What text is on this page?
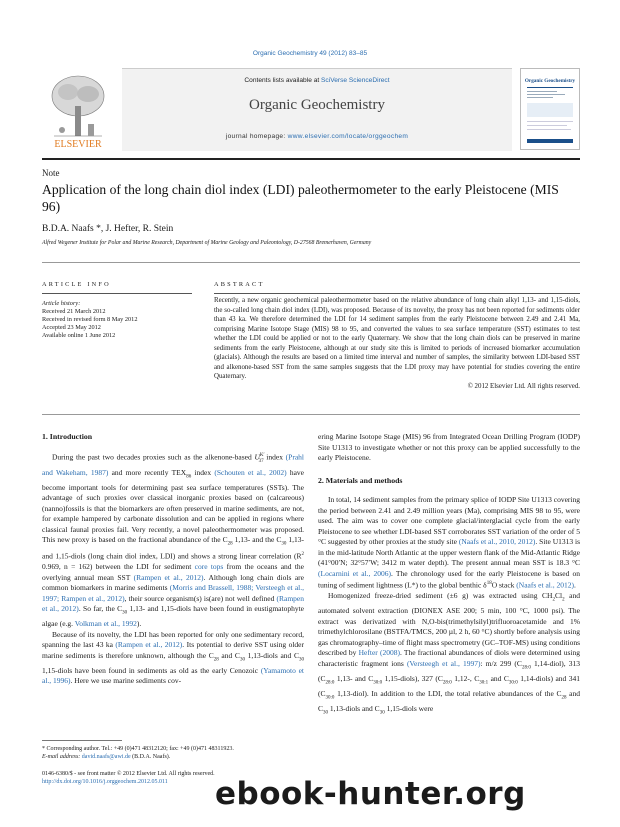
Organic Geochemistry 49 (2012) 83–85
ELSEVIER
Contents lists available at SciVerse ScienceDirect
Organic Geochemistry
journal homepage: www.elsevier.com/locate/orggeochem
Organic Geochemistry
Note
Application of the long chain diol index (LDI) paleothermometer to the early Pleistocene (MIS 96)
B.D.A. Naafs *, J. Hefter, R. Stein
Alfred Wegener Institute for Polar and Marine Research, Department of Marine Geology and Paleontology, D-27568 Bremerhaven, Germany
ARTICLE INFO
Article history:
Received 21 March 2012
Received in revised form 8 May 2012
Accepted 23 May 2012
Available online 1 June 2012
ABSTRACT
Recently, a new organic geochemical paleothermometer based on the relative abundance of long chain alkyl 1,13- and 1,15-diols, the so-called long chain diol index (LDI), was proposed. Because of its novelty, the proxy has not been reported for sediments older than 43 ka. We therefore determined the LDI for 14 sediment samples from the early Pleistocene between 2.49 and 2.41 Ma, comprising Marine Isotope Stage (MIS) 98 to 95, and converted the values to sea surface temperature (SST) estimates to test whether the LDI could be applied or not to the early Quaternary. We show that the long chain diols can be preserved in marine sediments from the early Pleistocene, although at our study site this is limited to periods of increased biomarker accumulation (glacials). Although the results are based on a limited time interval and number of samples, the similarity between LDI-based SST and alkenone-based SST from the same samples suggests that the LDI proxy may have potential for studies covering the entire Quaternary.
© 2012 Elsevier Ltd. All rights reserved.
1. Introduction

During the past two decades proxies such as the alkenone-based $U^{K'}_{37}$ index (Prahl and Wakeham, 1987) and more recently $TEX_{86}$ index (Schouten et al., 2002) have become important tools for determining past sea surface temperatures (SSTs). The advantage of such proxies over classical inorganic proxies based on (calcareous) (nanno)fossils is that the biomarkers are often preserved in marine sediments, are not, for example hampered by carbonate dissolution and can be applied in regions where classical faunal proxies fail. Very recently, a novel paleothermometer was proposed. This new proxy is based on the fractional abundance of the $C_{28}$ 1,13- and the $C_{30}$ 1,13- and 1,15-diols (long chain diol index, LDI) and shows a strong linear correlation ($R^2$ 0.969, n = 162) between the LDI for sediment core tops from the oceans and the overlying annual mean SST (Rampen et al., 2012). Although long chain diols are common biomarkers in marine sediments (Morris and Brassell, 1988; Versteegh et al., 1997; Rampen et al., 2012), their source organism(s) is(are) not well defined (Rampen et al., 2012). So far, the $C_{30}$ 1,13- and 1,15-diols have been found in eustigmatophyte algae (e.g. Volkman et al., 1992).

Because of its novelty, the LDI has been reported for only one sedimentary record, spanning the last 43 ka (Rampen et al., 2012). Its potential to derive SST using older marine sediments is therefore unknown, although the $C_{28}$ and $C_{30}$ 1,13-diols and $C_{30}$ 1,15-diols have been found in sediments as old as the early Cenozoic (Yamamoto et al., 1996). Here we use marine sediments cov-

* Corresponding author. Tel.: +49 (0)471 48312120; fax: +49 (0)471 48311923.
E-mail address: david.naafs@awi.de (B.D.A. Naafs).
0146-6380/$ - see front matter © 2012 Elsevier Ltd. All rights reserved.
http://dx.doi.org/10.1016/j.orggeochem.2012.05.011

ering Marine Isotope Stage (MIS) 96 from Integrated Ocean Drilling Program (IODP) Site U1313 to investigate whether or not this proxy can be applied successfully to the early Pleistocene.

2. Materials and methods

In total, 14 sediment samples from the primary splice of IODP Site U1313 covering the period between 2.41 and 2.49 million years (Ma), comprising MIS 98 to 95, were used. The aim was to cover one complete glacial/interglacial cycle from the early Pleistocene to see whether LDI-based SST corroborates SST variation of the order of 5 °C suggested by other proxies at the study site (Naafs et al., 2010, 2012). Site U1313 is in the mid-latitude North Atlantic at the upper western flank of the Mid-Atlantic Ridge (41°00′N; 32°57′W; 3412 m water depth). The present annual mean SST is 18.3 °C (Locarnini et al., 2006). The chronology used for the early Pleistocene is based on tuning of sediment lightness (L*) to the global benthic $\delta^{18}O$ stack (Naafs et al., 2012).

Homogenized freeze-dried sediment (±6 g) was extracted using $CH_2Cl_2$ and automated solvent extraction (DIONEX ASE 200; 5 min, 100 °C, 1000 psi). The extract was derivatized with N,O-bis(trimethylsilyl)trifluoroacetamide and 1% trimethylchlorosilane (BSTFA/TMCS, 200 µl, 2 h, 60 °C) shortly before analysis using gas chromatography–time of flight mass spectrometry (GC–TOF-MS) using conditions described by Hefter (2008). The fractional abundances of diols were determined using characteristic fragment ions (Versteegh et al., 1997): m/z 299 ($C_{28:0}$ 1,14-diol), 313 ($C_{28:0}$ 1,13- and $C_{30:0}$ 1,15-diols), 327 ($C_{28:0}$ 1,12-, $C_{30:1}$ and $C_{30:0}$ 1,14-diols) and 341 ($C_{30:0}$ 1,13-diol). In addition to the LDI, the total relative abundances of the $C_{28}$ and $C_{30}$ 1,13-diols and $C_{30}$ 1,15-diols were

ebook-hunter.org
